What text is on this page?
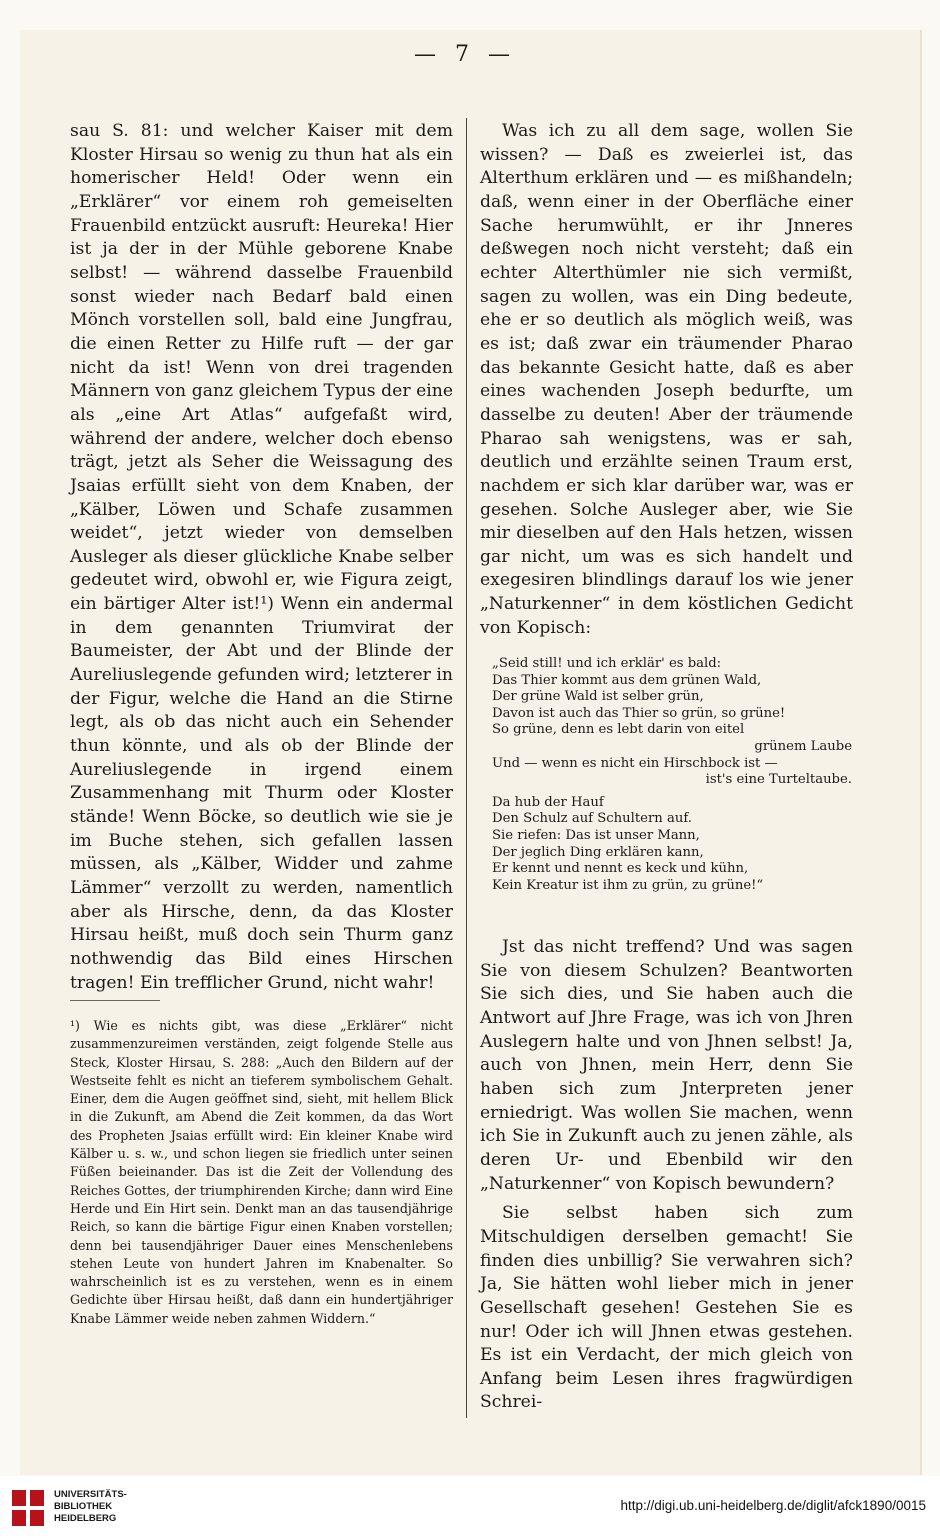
— 7 —

sau S. 81: und welcher Kaiser mit dem Kloster Hirsau so wenig zu thun hat als ein homerischer Held! Oder wenn ein „Erklärer“ vor einem roh gemeiselten Frauenbild entzückt ausruft: Heureka! Hier ist ja der in der Mühle geborene Knabe selbst! — während dasselbe Frauenbild sonst wieder nach Bedarf bald einen Mönch vorstellen soll, bald eine Jungfrau, die einen Retter zu Hilfe ruft — der gar nicht da ist! Wenn von drei tragenden Männern von ganz gleichem Typus der eine als „eine Art Atlas“ aufgefaßt wird, während der andere, welcher doch ebenso trägt, jetzt als Seher die Weissagung des Jsaias erfüllt sieht von dem Knaben, der „Kälber, Löwen und Schafe zusammen weidet“, jetzt wieder von demselben Ausleger als dieser glückliche Knabe selber gedeutet wird, obwohl er, wie Figura zeigt, ein bärtiger Alter ist!¹) Wenn ein andermal in dem genannten Triumvirat der Baumeister, der Abt und der Blinde der Aureliuslegende gefunden wird; letzterer in der Figur, welche die Hand an die Stirne legt, als ob das nicht auch ein Sehender thun könnte, und als ob der Blinde der Aureliuslegende in irgend einem Zusammenhang mit Thurm oder Kloster stände! Wenn Böcke, so deutlich wie sie je im Buche stehen, sich gefallen lassen müssen, als „Kälber, Widder und zahme Lämmer“ verzollt zu werden, namentlich aber als Hirsche, denn, da das Kloster Hirsau heißt, muß doch sein Thurm ganz nothwendig das Bild eines Hirschen tragen! Ein trefflicher Grund, nicht wahr!

¹) Wie es nichts gibt, was diese „Erklärer“ nicht zusammenzureimen verständen, zeigt folgende Stelle aus Steck, Kloster Hirsau, S. 288: „Auch den Bildern auf der Westseite fehlt es nicht an tieferem symbolischem Gehalt. Einer, dem die Augen geöffnet sind, sieht, mit hellem Blick in die Zukunft, am Abend die Zeit kommen, da das Wort des Propheten Jsaias erfüllt wird: Ein kleiner Knabe wird Kälber u. s. w., und schon liegen sie friedlich unter seinen Füßen beieinander. Das ist die Zeit der Vollendung des Reiches Gottes, der triumphirenden Kirche; dann wird Eine Herde und Ein Hirt sein. Denkt man an das tausendjährige Reich, so kann die bärtige Figur einen Knaben vorstellen; denn bei tausendjähriger Dauer eines Menschenlebens stehen Leute von hundert Jahren im Knabenalter. So wahrscheinlich ist es zu verstehen, wenn es in einem Gedichte über Hirsau heißt, daß dann ein hundertjähriger Knabe Lämmer weide neben zahmen Widdern.“

Was ich zu all dem sage, wollen Sie wissen? — Daß es zweierlei ist, das Alterthum erklären und — es mißhandeln; daß, wenn einer in der Oberfläche einer Sache herumwühlt, er ihr Jnneres deßwegen noch nicht versteht; daß ein echter Alterthümler nie sich vermißt, sagen zu wollen, was ein Ding bedeute, ehe er so deutlich als möglich weiß, was es ist; daß zwar ein träumender Pharao das bekannte Gesicht hatte, daß es aber eines wachenden Joseph bedurfte, um dasselbe zu deuten! Aber der träumende Pharao sah wenigstens, was er sah, deutlich und erzählte seinen Traum erst, nachdem er sich klar darüber war, was er gesehen. Solche Ausleger aber, wie Sie mir dieselben auf den Hals hetzen, wissen gar nicht, um was es sich handelt und exegesiren blindlings darauf los wie jener „Naturkenner“ in dem köstlichen Gedicht von Kopisch:

„Seid still! und ich erklär' es bald:
Das Thier kommt aus dem grünen Wald,
Der grüne Wald ist selber grün,
Davon ist auch das Thier so grün, so grüne!
So grüne, denn es lebt darin von eitel
grünem Laube
Und — wenn es nicht ein Hirschbock ist —
ist's eine Turteltaube.
Da hub der Hauf
Den Schulz auf Schultern auf.
Sie riefen: Das ist unser Mann,
Der jeglich Ding erklären kann,
Er kennt und nennt es keck und kühn,
Kein Kreatur ist ihm zu grün, zu grüne!“

Jst das nicht treffend? Und was sagen Sie von diesem Schulzen? Beantworten Sie sich dies, und Sie haben auch die Antwort auf Jhre Frage, was ich von Jhren Auslegern halte und von Jhnen selbst! Ja, auch von Jhnen, mein Herr, denn Sie haben sich zum Jnterpreten jener erniedrigt. Was wollen Sie machen, wenn ich Sie in Zukunft auch zu jenen zähle, als deren Ur- und Ebenbild wir den „Naturkenner“ von Kopisch bewundern?

Sie selbst haben sich zum Mitschuldigen derselben gemacht! Sie finden dies unbillig? Sie verwahren sich? Ja, Sie hätten wohl lieber mich in jener Gesellschaft gesehen! Gestehen Sie es nur! Oder ich will Jhnen etwas gestehen. Es ist ein Verdacht, der mich gleich von Anfang beim Lesen ihres fragwürdigen Schrei-

UNIVERSITÄTS-
BIBLIOTHEK
HEIDELBERG
http://digi.ub.uni-heidelberg.de/diglit/afck1890/0015
